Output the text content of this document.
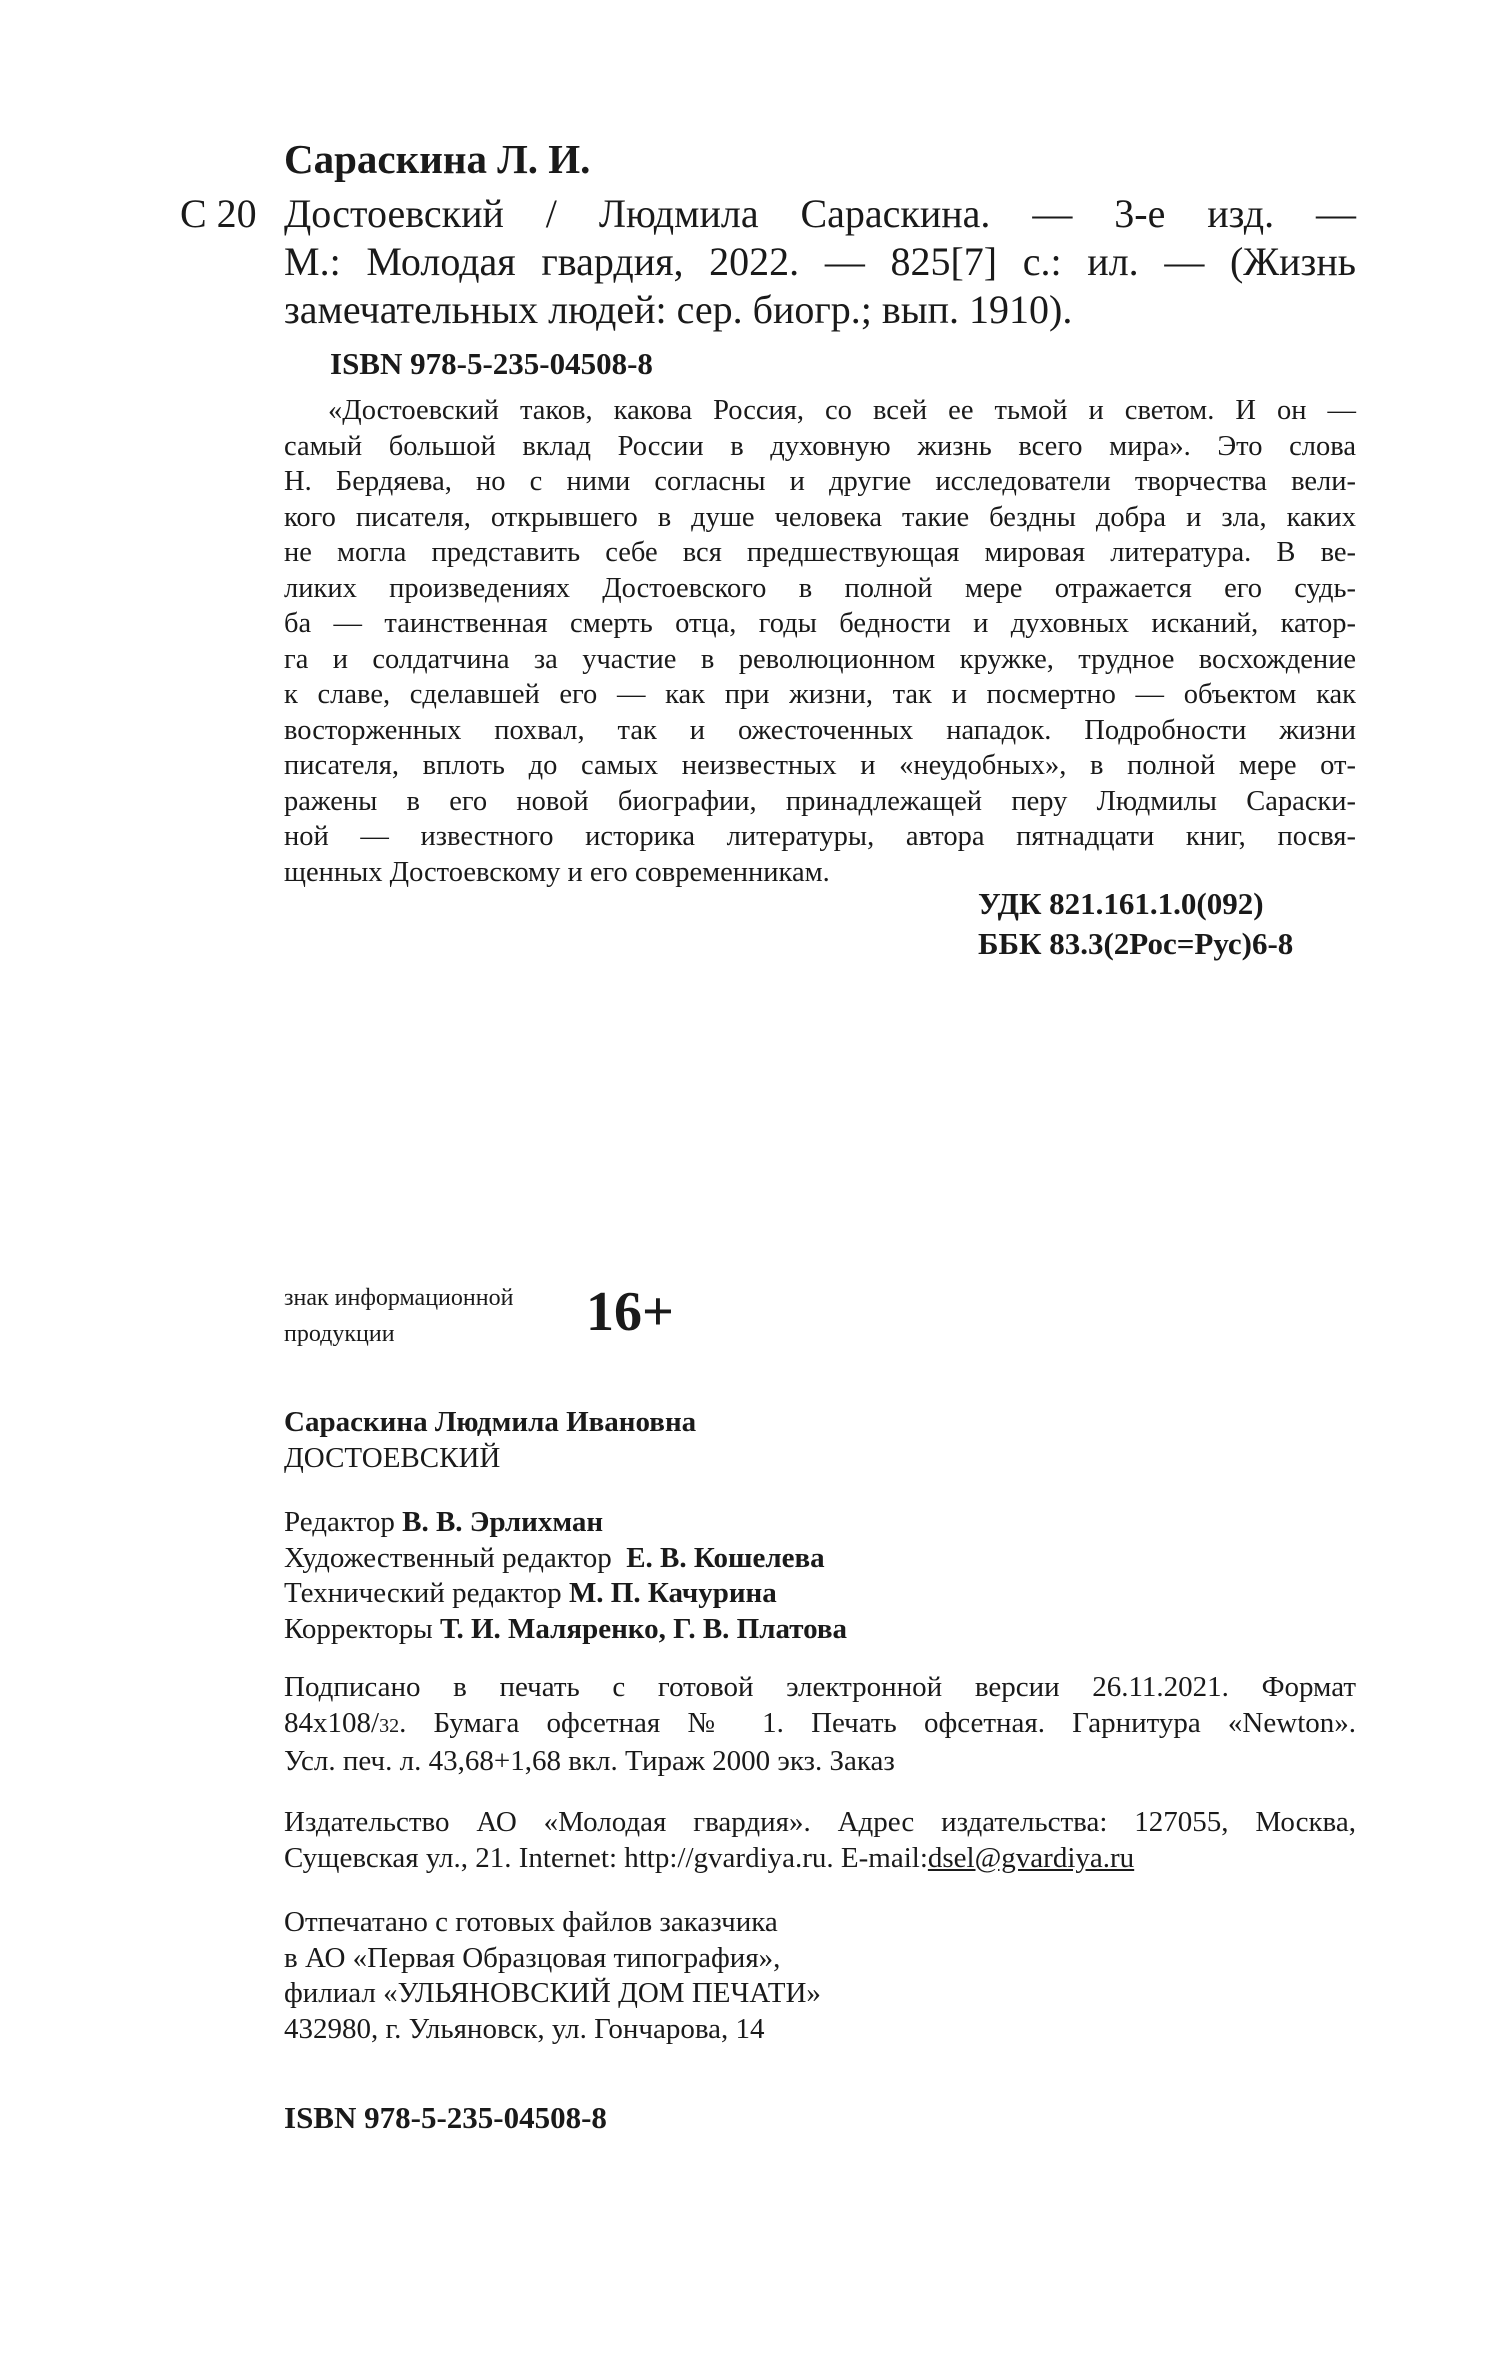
Сараскина Л. И.
С 20 Достоевский / Людмила Сараскина. — 3-е изд. —
М.: Молодая гвардия, 2022. — 825[7] с.: ил. — (Жизнь
замечательных людей: сер. биогр.; вып. 1910).
ISBN 978-5-235-04508-8
«Достоевский таков, какова Россия, со всей ее тьмой и светом. И он —
самый большой вклад России в духовную жизнь всего мира». Это слова
Н. Бердяева, но с ними согласны и другие исследователи творчества вели-
кого писателя, открывшего в душе человека такие бездны добра и зла, каких
не могла представить себе вся предшествующая мировая литература. В ве-
ликих произведениях Достоевского в полной мере отражается его судь-
ба — таинственная смерть отца, годы бедности и духовных исканий, катор-
га и солдатчина за участие в революционном кружке, трудное восхождение
к славе, сделавшей его — как при жизни, так и посмертно — объектом как
восторженных похвал, так и ожесточенных нападок. Подробности жизни
писателя, вплоть до самых неизвестных и «неудобных», в полной мере от-
ражены в его новой биографии, принадлежащей перу Людмилы Сараски-
ной — известного историка литературы, автора пятнадцати книг, посвя-
щенных Достоевскому и его современникам.
УДК 821.161.1.0(092)
ББК 83.3(2Рос=Рус)6-8
знак информационной
продукции	16+
Сараскина Людмила Ивановна
ДОСТОЕВСКИЙ
Редактор В. В. Эрлихман
Художественный редактор  Е. В. Кошелева
Технический редактор М. П. Качурина
Корректоры Т. И. Маляренко, Г. В. Платова
Подписано в печать с готовой электронной версии 26.11.2021. Формат
84х108/32. Бумага офсетная № 1. Печать офсетная. Гарнитура «Newton».
Усл. печ. л. 43,68+1,68 вкл. Тираж 2000 экз. Заказ
Издательство АО «Молодая гвардия». Адрес издательства: 127055, Москва,
Сущевская ул., 21. Internet: http://gvardiya.ru. E-mail:dsel@gvardiya.ru
Отпечатано с готовых файлов заказчика
в АО «Первая Образцовая типография»,
филиал «УЛЬЯНОВСКИЙ ДОМ ПЕЧАТИ»
432980, г. Ульяновск, ул. Гончарова, 14
ISBN 978-5-235-04508-8
